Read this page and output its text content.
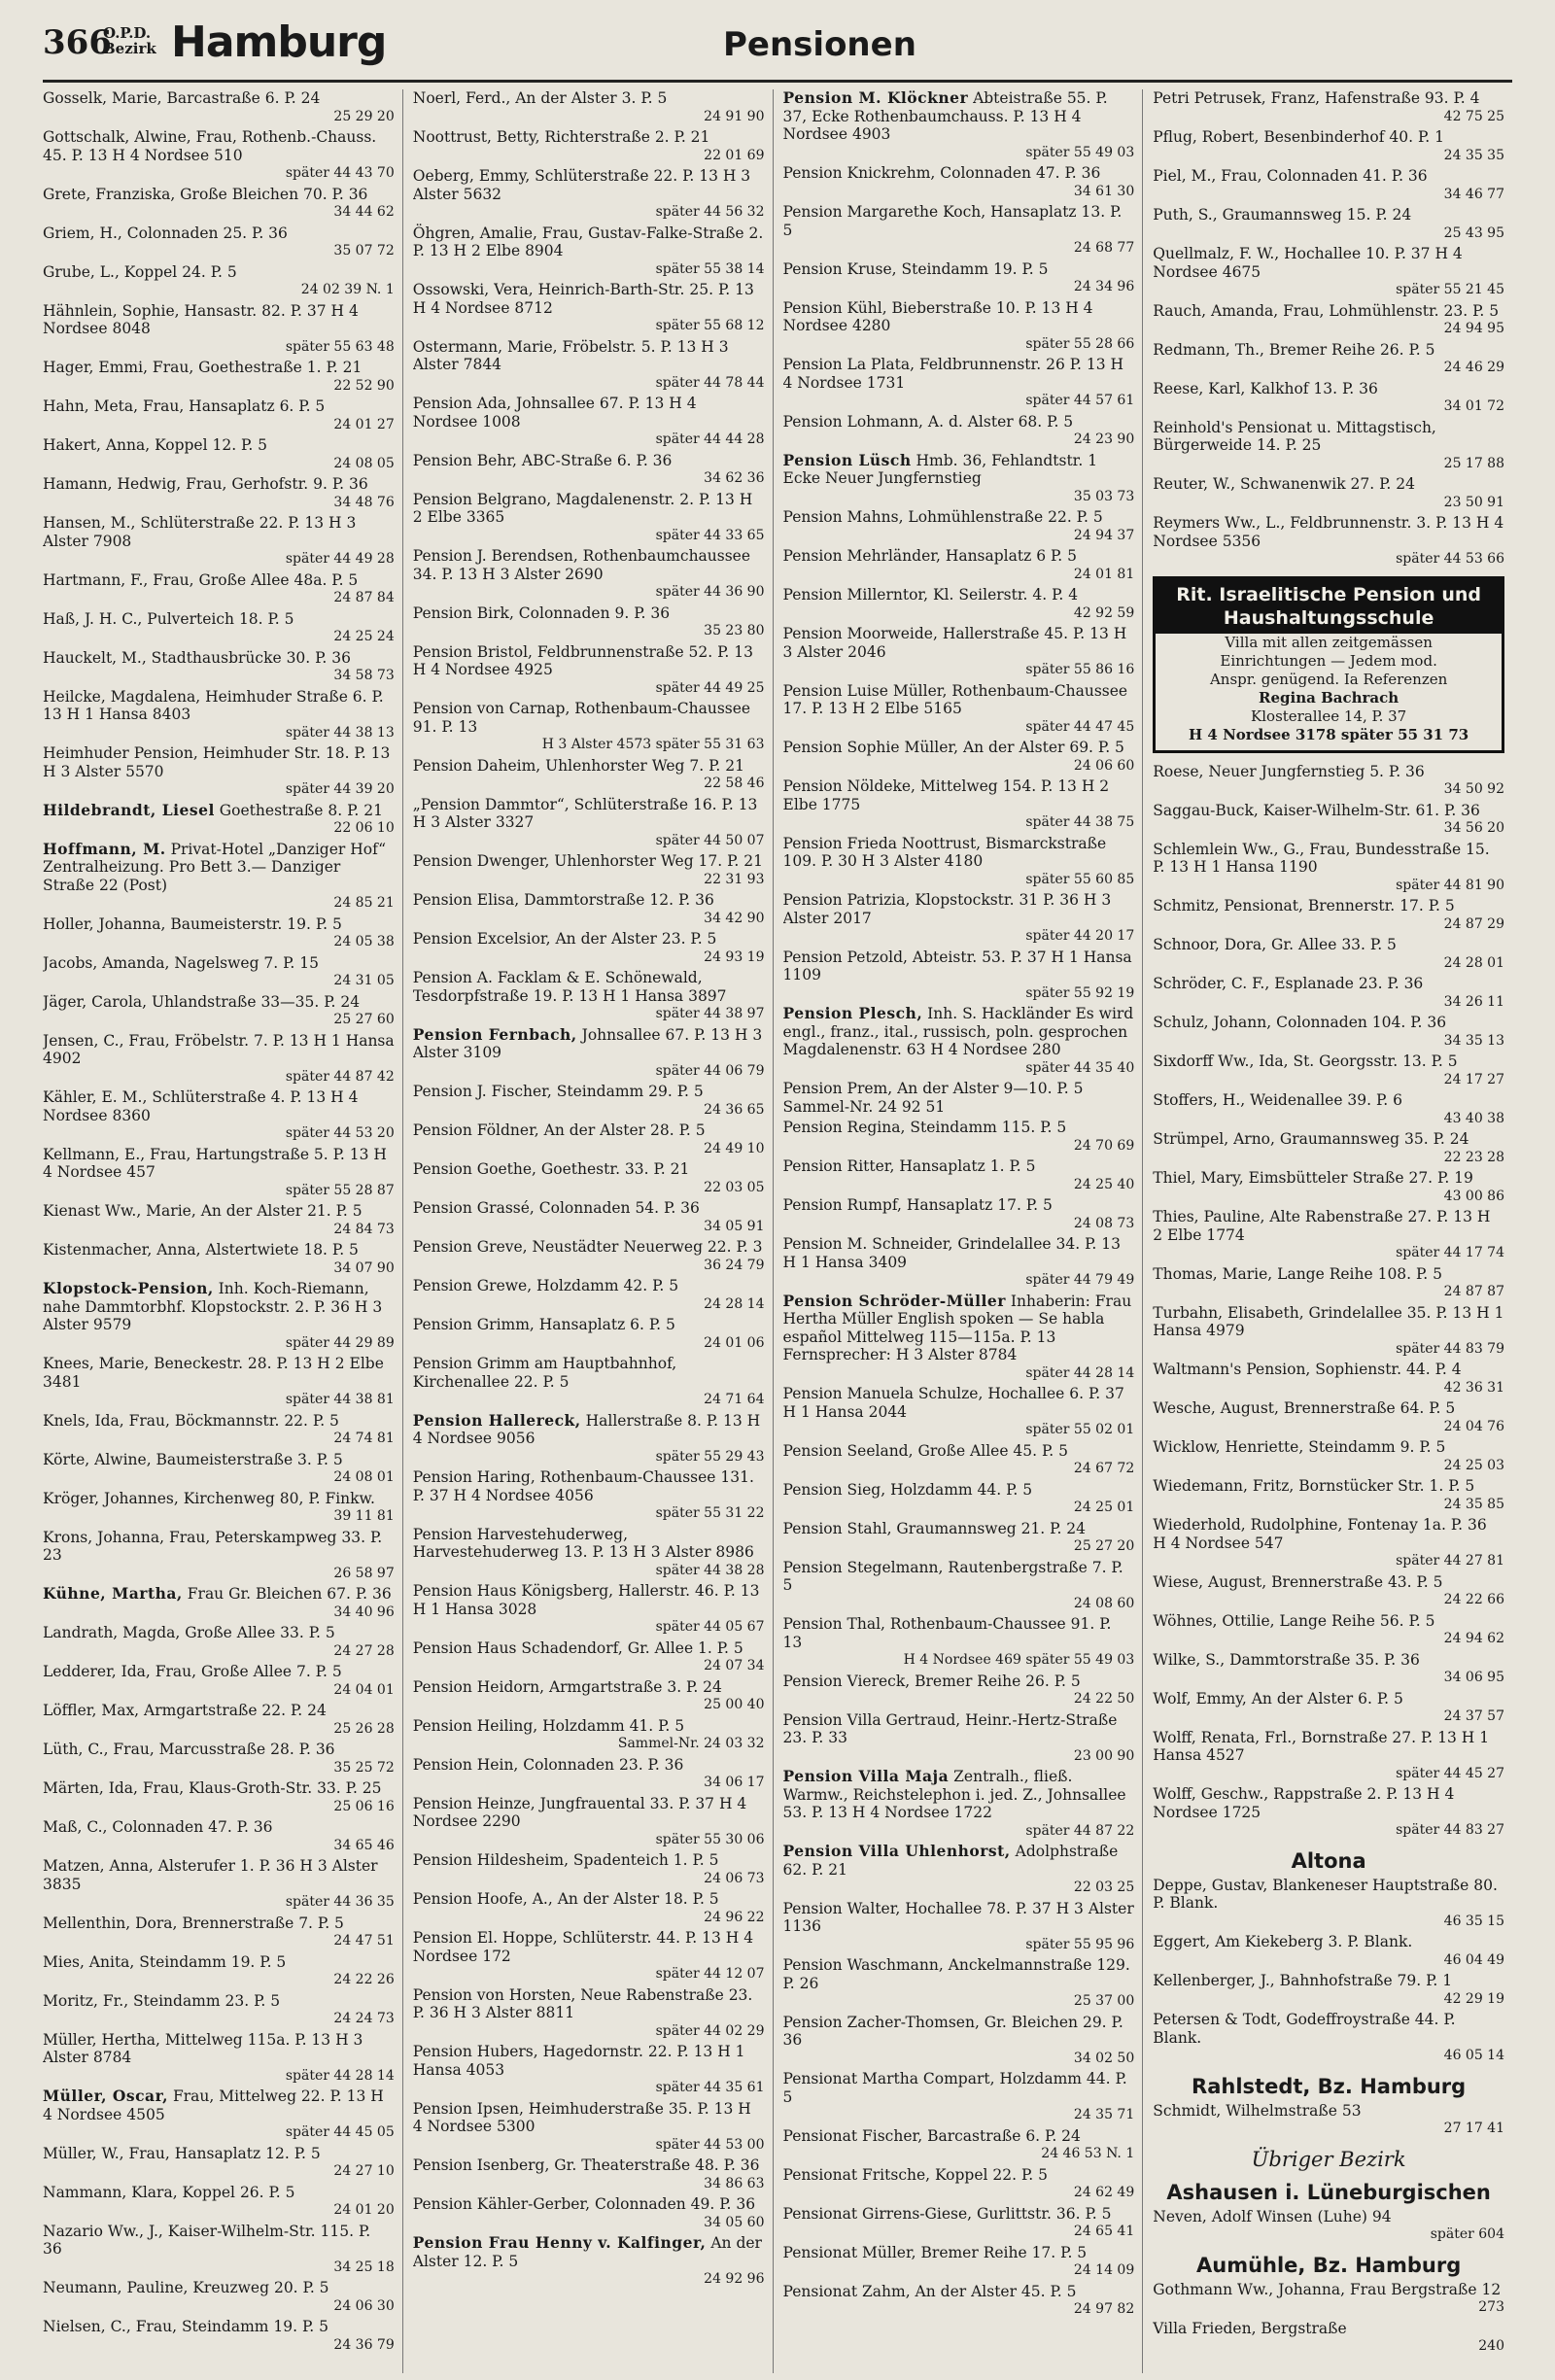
366
O.P.D. Bezirk Hamburg	Pensionen
Gosselk, Marie, Barcastraße 6. P. 24
25 29 20
Gottschalk, Alwine, Frau, Rothenb.-Chauss. 45. P. 13 H 4 Nordsee 510
später 44 43 70
Grete, Franziska, Große Bleichen 70. P. 36
34 44 62
Griem, H., Colonnaden 25. P. 36
35 07 72
Grube, L., Koppel 24. P. 5
24 02 39 N. 1
Hähnlein, Sophie, Hansastr. 82. P. 37 H 4 Nordsee 8048
später 55 63 48
Hager, Emmi, Frau, Goethestraße 1. P. 21
22 52 90
Hahn, Meta, Frau, Hansaplatz 6. P. 5
24 01 27
Hakert, Anna, Koppel 12. P. 5
24 08 05
Hamann, Hedwig, Frau, Gerhofstr. 9. P. 36
34 48 76
Hansen, M., Schlüterstraße 22. P. 13 H 3 Alster 7908
später 44 49 28
Hartmann, F., Frau, Große Allee 48a. P. 5
24 87 84
Haß, J. H. C., Pulverteich 18. P. 5
24 25 24
Hauckelt, M., Stadthausbrücke 30. P. 36
34 58 73
Heilcke, Magdalena, Heimhuder Straße 6. P. 13 H 1 Hansa 8403
später 44 38 13
Heimhuder Pension, Heimhuder Str. 18. P. 13 H 3 Alster 5570
später 44 39 20
Hildebrandt, Liesel Goethestraße 8. P. 21
22 06 10
Hoffmann, M. Privat-Hotel „Danziger Hof“ Zentralheizung. Pro Bett 3.— Danziger Straße 22 (Post)
24 85 21
Holler, Johanna, Baumeisterstr. 19. P. 5
24 05 38
Jacobs, Amanda, Nagelsweg 7. P. 15
24 31 05
Jäger, Carola, Uhlandstraße 33—35. P. 24
25 27 60
Jensen, C., Frau, Fröbelstr. 7. P. 13 H 1 Hansa 4902
später 44 87 42
Kähler, E. M., Schlüterstraße 4. P. 13 H 4 Nordsee 8360
später 44 53 20
Kellmann, E., Frau, Hartungstraße 5. P. 13 H 4 Nordsee 457
später 55 28 87
Kienast Ww., Marie, An der Alster 21. P. 5
24 84 73
Kistenmacher, Anna, Alstertwiete 18. P. 5
34 07 90
Klopstock-Pension, Inh. Koch-Riemann, nahe Dammtorbhf. Klopstockstr. 2. P. 36 H 3 Alster 9579
später 44 29 89
Knees, Marie, Beneckestr. 28. P. 13 H 2 Elbe 3481
später 44 38 81
Knels, Ida, Frau, Böckmannstr. 22. P. 5
24 74 81
Körte, Alwine, Baumeisterstraße 3. P. 5
24 08 01
Kröger, Johannes, Kirchenweg 80, P. Finkw.
39 11 81
Krons, Johanna, Frau, Peterskampweg 33. P. 23
26 58 97
Kühne, Martha, Frau Gr. Bleichen 67. P. 36
34 40 96
Landrath, Magda, Große Allee 33. P. 5
24 27 28
Ledderer, Ida, Frau, Große Allee 7. P. 5
24 04 01
Löffler, Max, Armgartstraße 22. P. 24
25 26 28
Lüth, C., Frau, Marcusstraße 28. P. 36
35 25 72
Märten, Ida, Frau, Klaus-Groth-Str. 33. P. 25
25 06 16
Maß, C., Colonnaden 47. P. 36
34 65 46
Matzen, Anna, Alsterufer 1. P. 36 H 3 Alster 3835
später 44 36 35
Mellenthin, Dora, Brennerstraße 7. P. 5
24 47 51
Mies, Anita, Steindamm 19. P. 5
24 22 26
Moritz, Fr., Steindamm 23. P. 5
24 24 73
Müller, Hertha, Mittelweg 115a. P. 13 H 3 Alster 8784
später 44 28 14
Müller, Oscar, Frau, Mittelweg 22. P. 13 H 4 Nordsee 4505
später 44 45 05
Müller, W., Frau, Hansaplatz 12. P. 5
24 27 10
Nammann, Klara, Koppel 26. P. 5
24 01 20
Nazario Ww., J., Kaiser-Wilhelm-Str. 115. P. 36
34 25 18
Neumann, Pauline, Kreuzweg 20. P. 5
24 06 30
Nielsen, C., Frau, Steindamm 19. P. 5
24 36 79
Noerl, Ferd., An der Alster 3. P. 5
24 91 90
Noottrust, Betty, Richterstraße 2. P. 21
22 01 69
Oeberg, Emmy, Schlüterstraße 22. P. 13 H 3 Alster 5632
später 44 56 32
Öhgren, Amalie, Frau, Gustav-Falke-Straße 2. P. 13 H 2 Elbe 8904
später 55 38 14
Ossowski, Vera, Heinrich-Barth-Str. 25. P. 13 H 4 Nordsee 8712
später 55 68 12
Ostermann, Marie, Fröbelstr. 5. P. 13 H 3 Alster 7844
später 44 78 44
Pension Ada, Johnsallee 67. P. 13 H 4 Nordsee 1008
später 44 44 28
Pension Behr, ABC-Straße 6. P. 36
34 62 36
Pension Belgrano, Magdalenenstr. 2. P. 13 H 2 Elbe 3365
später 44 33 65
Pension J. Berendsen, Rothenbaumchaussee 34. P. 13 H 3 Alster 2690
später 44 36 90
Pension Birk, Colonnaden 9. P. 36
35 23 80
Pension Bristol, Feldbrunnenstraße 52. P. 13 H 4 Nordsee 4925
später 44 49 25
Pension von Carnap, Rothenbaum-Chaussee 91. P. 13
H 3 Alster 4573 später 55 31 63
Pension Daheim, Uhlenhorster Weg 7. P. 21
22 58 46
„Pension Dammtor“, Schlüterstraße 16. P. 13 H 3 Alster 3327
später 44 50 07
Pension Dwenger, Uhlenhorster Weg 17. P. 21
22 31 93
Pension Elisa, Dammtorstraße 12. P. 36
34 42 90
Pension Excelsior, An der Alster 23. P. 5
24 93 19
Pension A. Facklam & E. Schönewald, Tesdorpfstraße 19. P. 13 H 1 Hansa 3897
später 44 38 97
Pension Fernbach, Johnsallee 67. P. 13 H 3 Alster 3109
später 44 06 79
Pension J. Fischer, Steindamm 29. P. 5
24 36 65
Pension Földner, An der Alster 28. P. 5
24 49 10
Pension Goethe, Goethestr. 33. P. 21
22 03 05
Pension Grassé, Colonnaden 54. P. 36
34 05 91
Pension Greve, Neustädter Neuerweg 22. P. 3
36 24 79
Pension Grewe, Holzdamm 42. P. 5
24 28 14
Pension Grimm, Hansaplatz 6. P. 5
24 01 06
Pension Grimm am Hauptbahnhof, Kirchenallee 22. P. 5
24 71 64
Pension Hallereck, Hallerstraße 8. P. 13 H 4 Nordsee 9056
später 55 29 43
Pension Haring, Rothenbaum-Chaussee 131. P. 37 H 4 Nordsee 4056
später 55 31 22
Pension Harvestehuderweg, Harvestehuderweg 13. P. 13 H 3 Alster 8986
später 44 38 28
Pension Haus Königsberg, Hallerstr. 46. P. 13 H 1 Hansa 3028
später 44 05 67
Pension Haus Schadendorf, Gr. Allee 1. P. 5
24 07 34
Pension Heidorn, Armgartstraße 3. P. 24
25 00 40
Pension Heiling, Holzdamm 41. P. 5
Sammel-Nr. 24 03 32
Pension Hein, Colonnaden 23. P. 36
34 06 17
Pension Heinze, Jungfrauental 33. P. 37 H 4 Nordsee 2290
später 55 30 06
Pension Hildesheim, Spadenteich 1. P. 5
24 06 73
Pension Hoofe, A., An der Alster 18. P. 5
24 96 22
Pension El. Hoppe, Schlüterstr. 44. P. 13 H 4 Nordsee 172
später 44 12 07
Pension von Horsten, Neue Rabenstraße 23. P. 36 H 3 Alster 8811
später 44 02 29
Pension Hubers, Hagedornstr. 22. P. 13 H 1 Hansa 4053
später 44 35 61
Pension Ipsen, Heimhuderstraße 35. P. 13 H 4 Nordsee 5300
später 44 53 00
Pension Isenberg, Gr. Theaterstraße 48. P. 36
34 86 63
Pension Kähler-Gerber, Colonnaden 49. P. 36
34 05 60
Pension Frau Henny v. Kalfinger, An der Alster 12. P. 5
24 92 96
Pension M. Klöckner Abteistraße 55. P. 37, Ecke Rothenbaumchauss. P. 13 H 4 Nordsee 4903
später 55 49 03
Pension Knickrehm, Colonnaden 47. P. 36
34 61 30
Pension Margarethe Koch, Hansaplatz 13. P. 5
24 68 77
Pension Kruse, Steindamm 19. P. 5
24 34 96
Pension Kühl, Bieberstraße 10. P. 13 H 4 Nordsee 4280
später 55 28 66
Pension La Plata, Feldbrunnenstr. 26 P. 13 H 4 Nordsee 1731
später 44 57 61
Pension Lohmann, A. d. Alster 68. P. 5
24 23 90
Pension Lüsch Hmb. 36, Fehlandtstr. 1 Ecke Neuer Jungfernstieg
35 03 73
Pension Mahns, Lohmühlenstraße 22. P. 5
24 94 37
Pension Mehrländer, Hansaplatz 6 P. 5
24 01 81
Pension Millerntor, Kl. Seilerstr. 4. P. 4
42 92 59
Pension Moorweide, Hallerstraße 45. P. 13 H 3 Alster 2046
später 55 86 16
Pension Luise Müller, Rothenbaum-Chaussee 17. P. 13 H 2 Elbe 5165
später 44 47 45
Pension Sophie Müller, An der Alster 69. P. 5
24 06 60
Pension Nöldeke, Mittelweg 154. P. 13 H 2 Elbe 1775
später 44 38 75
Pension Frieda Noottrust, Bismarckstraße 109. P. 30 H 3 Alster 4180
später 55 60 85
Pension Patrizia, Klopstockstr. 31 P. 36 H 3 Alster 2017
später 44 20 17
Pension Petzold, Abteistr. 53. P. 37 H 1 Hansa 1109
später 55 92 19
Pension Plesch, Inh. S. Hackländer Es wird engl., franz., ital., russisch, poln. gesprochen Magdalenenstr. 63 H 4 Nordsee 280
später 44 35 40
Pension Prem, An der Alster 9—10. P. 5 Sammel-Nr. 24 92 51
Pension Regina, Steindamm 115. P. 5
24 70 69
Pension Ritter, Hansaplatz 1. P. 5
24 25 40
Pension Rumpf, Hansaplatz 17. P. 5
24 08 73
Pension M. Schneider, Grindelallee 34. P. 13 H 1 Hansa 3409
später 44 79 49
Pension Schröder-Müller Inhaberin: Frau Hertha Müller English spoken — Se habla español Mittelweg 115—115a. P. 13 Fernsprecher: H 3 Alster 8784
später 44 28 14
Pension Manuela Schulze, Hochallee 6. P. 37 H 1 Hansa 2044
später 55 02 01
Pension Seeland, Große Allee 45. P. 5
24 67 72
Pension Sieg, Holzdamm 44. P. 5
24 25 01
Pension Stahl, Graumannsweg 21. P. 24
25 27 20
Pension Stegelmann, Rautenbergstraße 7. P. 5
24 08 60
Pension Thal, Rothenbaum-Chaussee 91. P. 13
H 4 Nordsee 469 später 55 49 03
Pension Viereck, Bremer Reihe 26. P. 5
24 22 50
Pension Villa Gertraud, Heinr.-Hertz-Straße 23. P. 33
23 00 90
Pension Villa Maja Zentralh., fließ. Warmw., Reichstelephon i. jed. Z., Johnsallee 53. P. 13 H 4 Nordsee 1722
später 44 87 22
Pension Villa Uhlenhorst, Adolphstraße 62. P. 21
22 03 25
Pension Walter, Hochallee 78. P. 37 H 3 Alster 1136
später 55 95 96
Pension Waschmann, Anckelmannstraße 129. P. 26
25 37 00
Pension Zacher-Thomsen, Gr. Bleichen 29. P. 36
34 02 50
Pensionat Martha Compart, Holzdamm 44. P. 5
24 35 71
Pensionat Fischer, Barcastraße 6. P. 24
24 46 53 N. 1
Pensionat Fritsche, Koppel 22. P. 5
24 62 49
Pensionat Girrens-Giese, Gurlittstr. 36. P. 5
24 65 41
Pensionat Müller, Bremer Reihe 17. P. 5
24 14 09
Pensionat Zahm, An der Alster 45. P. 5
24 97 82
Petri Petrusek, Franz, Hafenstraße 93. P. 4
42 75 25
Pflug, Robert, Besenbinderhof 40. P. 1
24 35 35
Piel, M., Frau, Colonnaden 41. P. 36
34 46 77
Puth, S., Graumannsweg 15. P. 24
25 43 95
Quellmalz, F. W., Hochallee 10. P. 37 H 4 Nordsee 4675
später 55 21 45
Rauch, Amanda, Frau, Lohmühlenstr. 23. P. 5
24 94 95
Redmann, Th., Bremer Reihe 26. P. 5
24 46 29
Reese, Karl, Kalkhof 13. P. 36
34 01 72
Reinhold's Pensionat u. Mittagstisch, Bürgerweide 14. P. 25
25 17 88
Reuter, W., Schwanenwik 27. P. 24
23 50 91
Reymers Ww., L., Feldbrunnenstr. 3. P. 13 H 4 Nordsee 5356
später 44 53 66
Rit. Israelitische Pension und
Haushaltungsschule
Villa mit allen zeitgemässen
Einrichtungen — Jedem mod.
Anspr. genügend. Ia Referenzen
Regina Bachrach
Klosterallee 14, P. 37
H 4 Nordsee 3178 später 55 31 73
Roese, Neuer Jungfernstieg 5. P. 36
34 50 92
Saggau-Buck, Kaiser-Wilhelm-Str. 61. P. 36
34 56 20
Schlemlein Ww., G., Frau, Bundesstraße 15. P. 13 H 1 Hansa 1190
später 44 81 90
Schmitz, Pensionat, Brennerstr. 17. P. 5
24 87 29
Schnoor, Dora, Gr. Allee 33. P. 5
24 28 01
Schröder, C. F., Esplanade 23. P. 36
34 26 11
Schulz, Johann, Colonnaden 104. P. 36
34 35 13
Sixdorff Ww., Ida, St. Georgsstr. 13. P. 5
24 17 27
Stoffers, H., Weidenallee 39. P. 6
43 40 38
Strümpel, Arno, Graumannsweg 35. P. 24
22 23 28
Thiel, Mary, Eimsbütteler Straße 27. P. 19
43 00 86
Thies, Pauline, Alte Rabenstraße 27. P. 13 H 2 Elbe 1774
später 44 17 74
Thomas, Marie, Lange Reihe 108. P. 5
24 87 87
Turbahn, Elisabeth, Grindelallee 35. P. 13 H 1 Hansa 4979
später 44 83 79
Waltmann's Pension, Sophienstr. 44. P. 4
42 36 31
Wesche, August, Brennerstraße 64. P. 5
24 04 76
Wicklow, Henriette, Steindamm 9. P. 5
24 25 03
Wiedemann, Fritz, Bornstücker Str. 1. P. 5
24 35 85
Wiederhold, Rudolphine, Fontenay 1a. P. 36 H 4 Nordsee 547
später 44 27 81
Wiese, August, Brennerstraße 43. P. 5
24 22 66
Wöhnes, Ottilie, Lange Reihe 56. P. 5
24 94 62
Wilke, S., Dammtorstraße 35. P. 36
34 06 95
Wolf, Emmy, An der Alster 6. P. 5
24 37 57
Wolff, Renata, Frl., Bornstraße 27. P. 13 H 1 Hansa 4527
später 44 45 27
Wolff, Geschw., Rappstraße 2. P. 13 H 4 Nordsee 1725
später 44 83 27
Altona
Deppe, Gustav, Blankeneser Hauptstraße 80. P. Blank.
46 35 15
Eggert, Am Kiekeberg 3. P. Blank.
46 04 49
Kellenberger, J., Bahnhofstraße 79. P. 1
42 29 19
Petersen & Todt, Godeffroystraße 44. P. Blank.
46 05 14
Rahlstedt, Bz. Hamburg
Schmidt, Wilhelmstraße 53
27 17 41
Übriger Bezirk
Ashausen i. Lüneburgischen
Neven, Adolf Winsen (Luhe) 94
später 604
Aumühle, Bz. Hamburg
Gothmann Ww., Johanna, Frau Bergstraße 12
273
Villa Frieden, Bergstraße
240
